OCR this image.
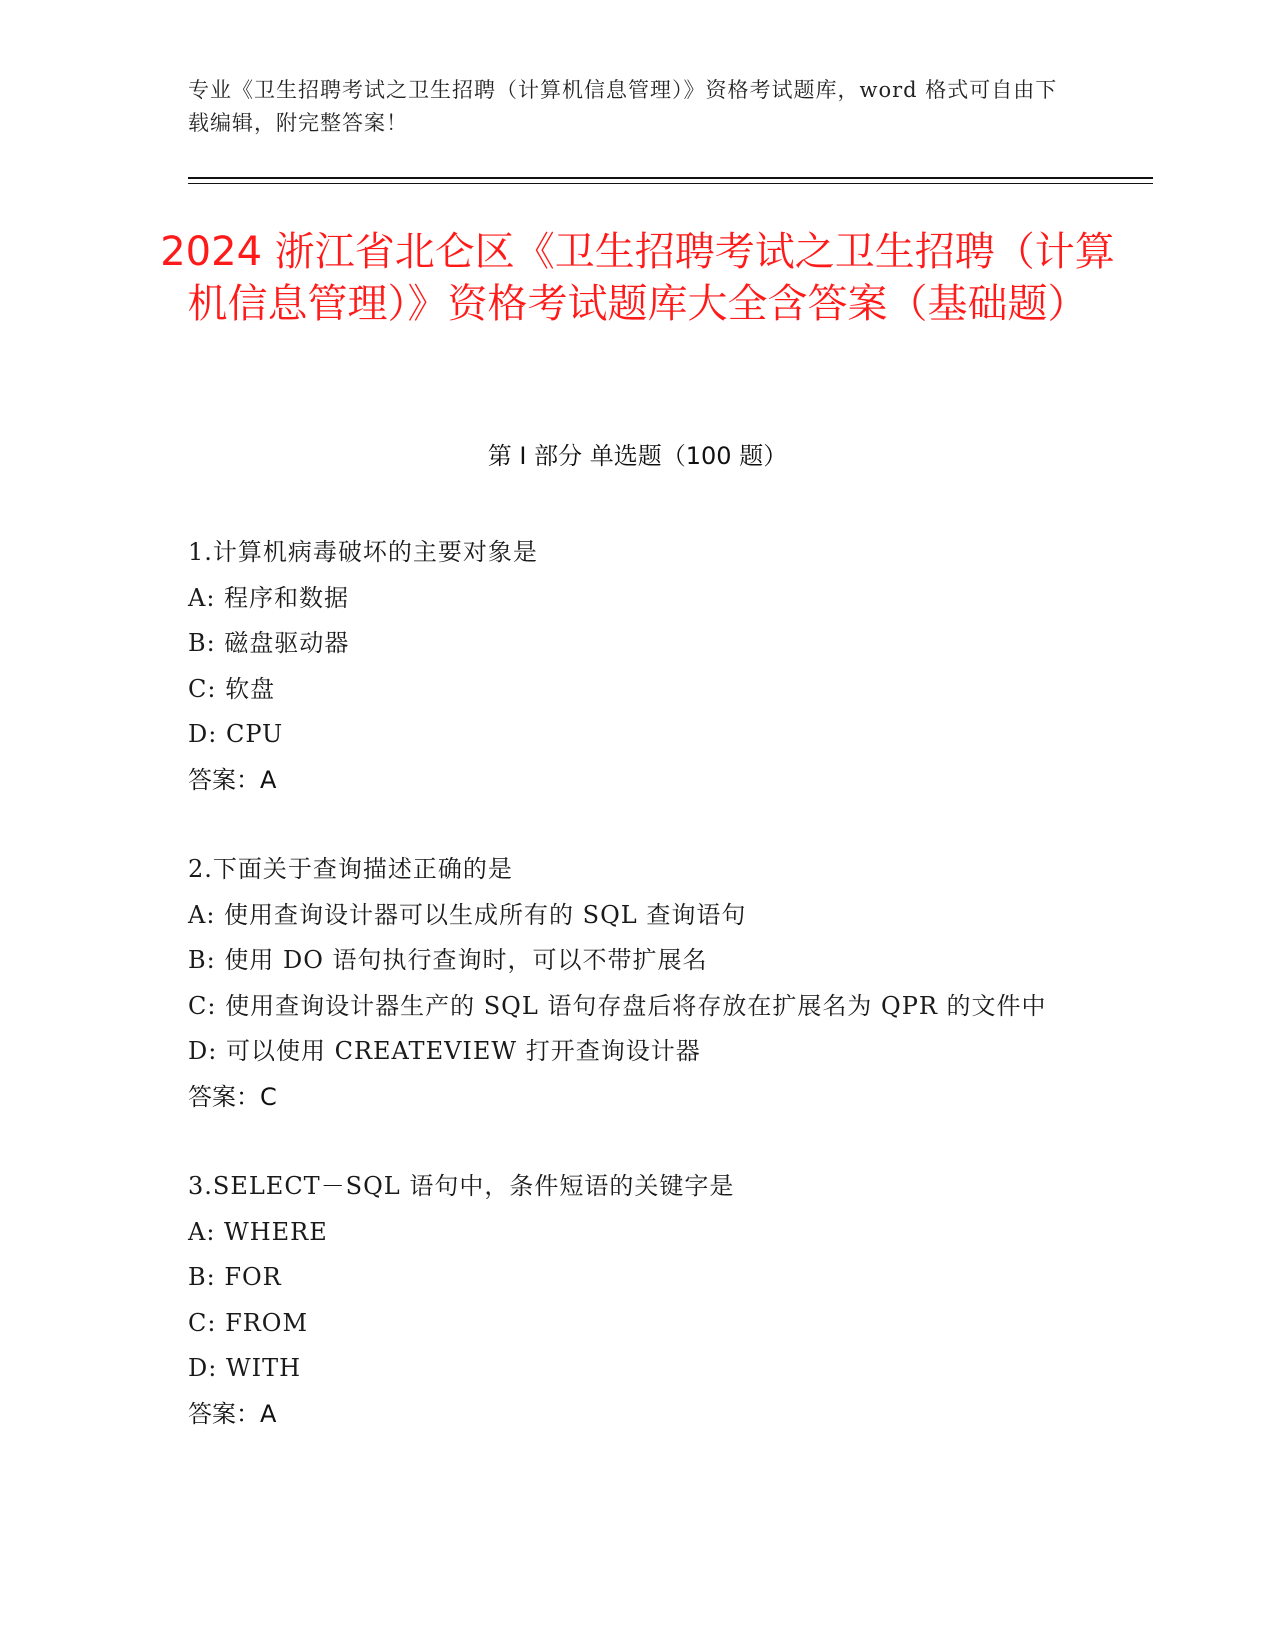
专业《卫生招聘考试之卫生招聘（计算机信息管理）》资格考试题库，word 格式可自由下载编辑，附完整答案！
2024 浙江省北仑区《卫生招聘考试之卫生招聘（计算机信息管理）》资格考试题库大全含答案（基础题）
第 I 部分 单选题（100 题）
1.计算机病毒破坏的主要对象是
A: 程序和数据
B: 磁盘驱动器
C: 软盘
D: CPU
答案：A
2.下面关于查询描述正确的是
A: 使用查询设计器可以生成所有的 SQL 查询语句
B: 使用 DO 语句执行查询时，可以不带扩展名
C: 使用查询设计器生产的 SQL 语句存盘后将存放在扩展名为 QPR 的文件中
D: 可以使用 CREATEVIEW 打开查询设计器
答案：C
3.SELECT－SQL 语句中，条件短语的关键字是
A: WHERE
B: FOR
C: FROM
D: WITH
答案：A
